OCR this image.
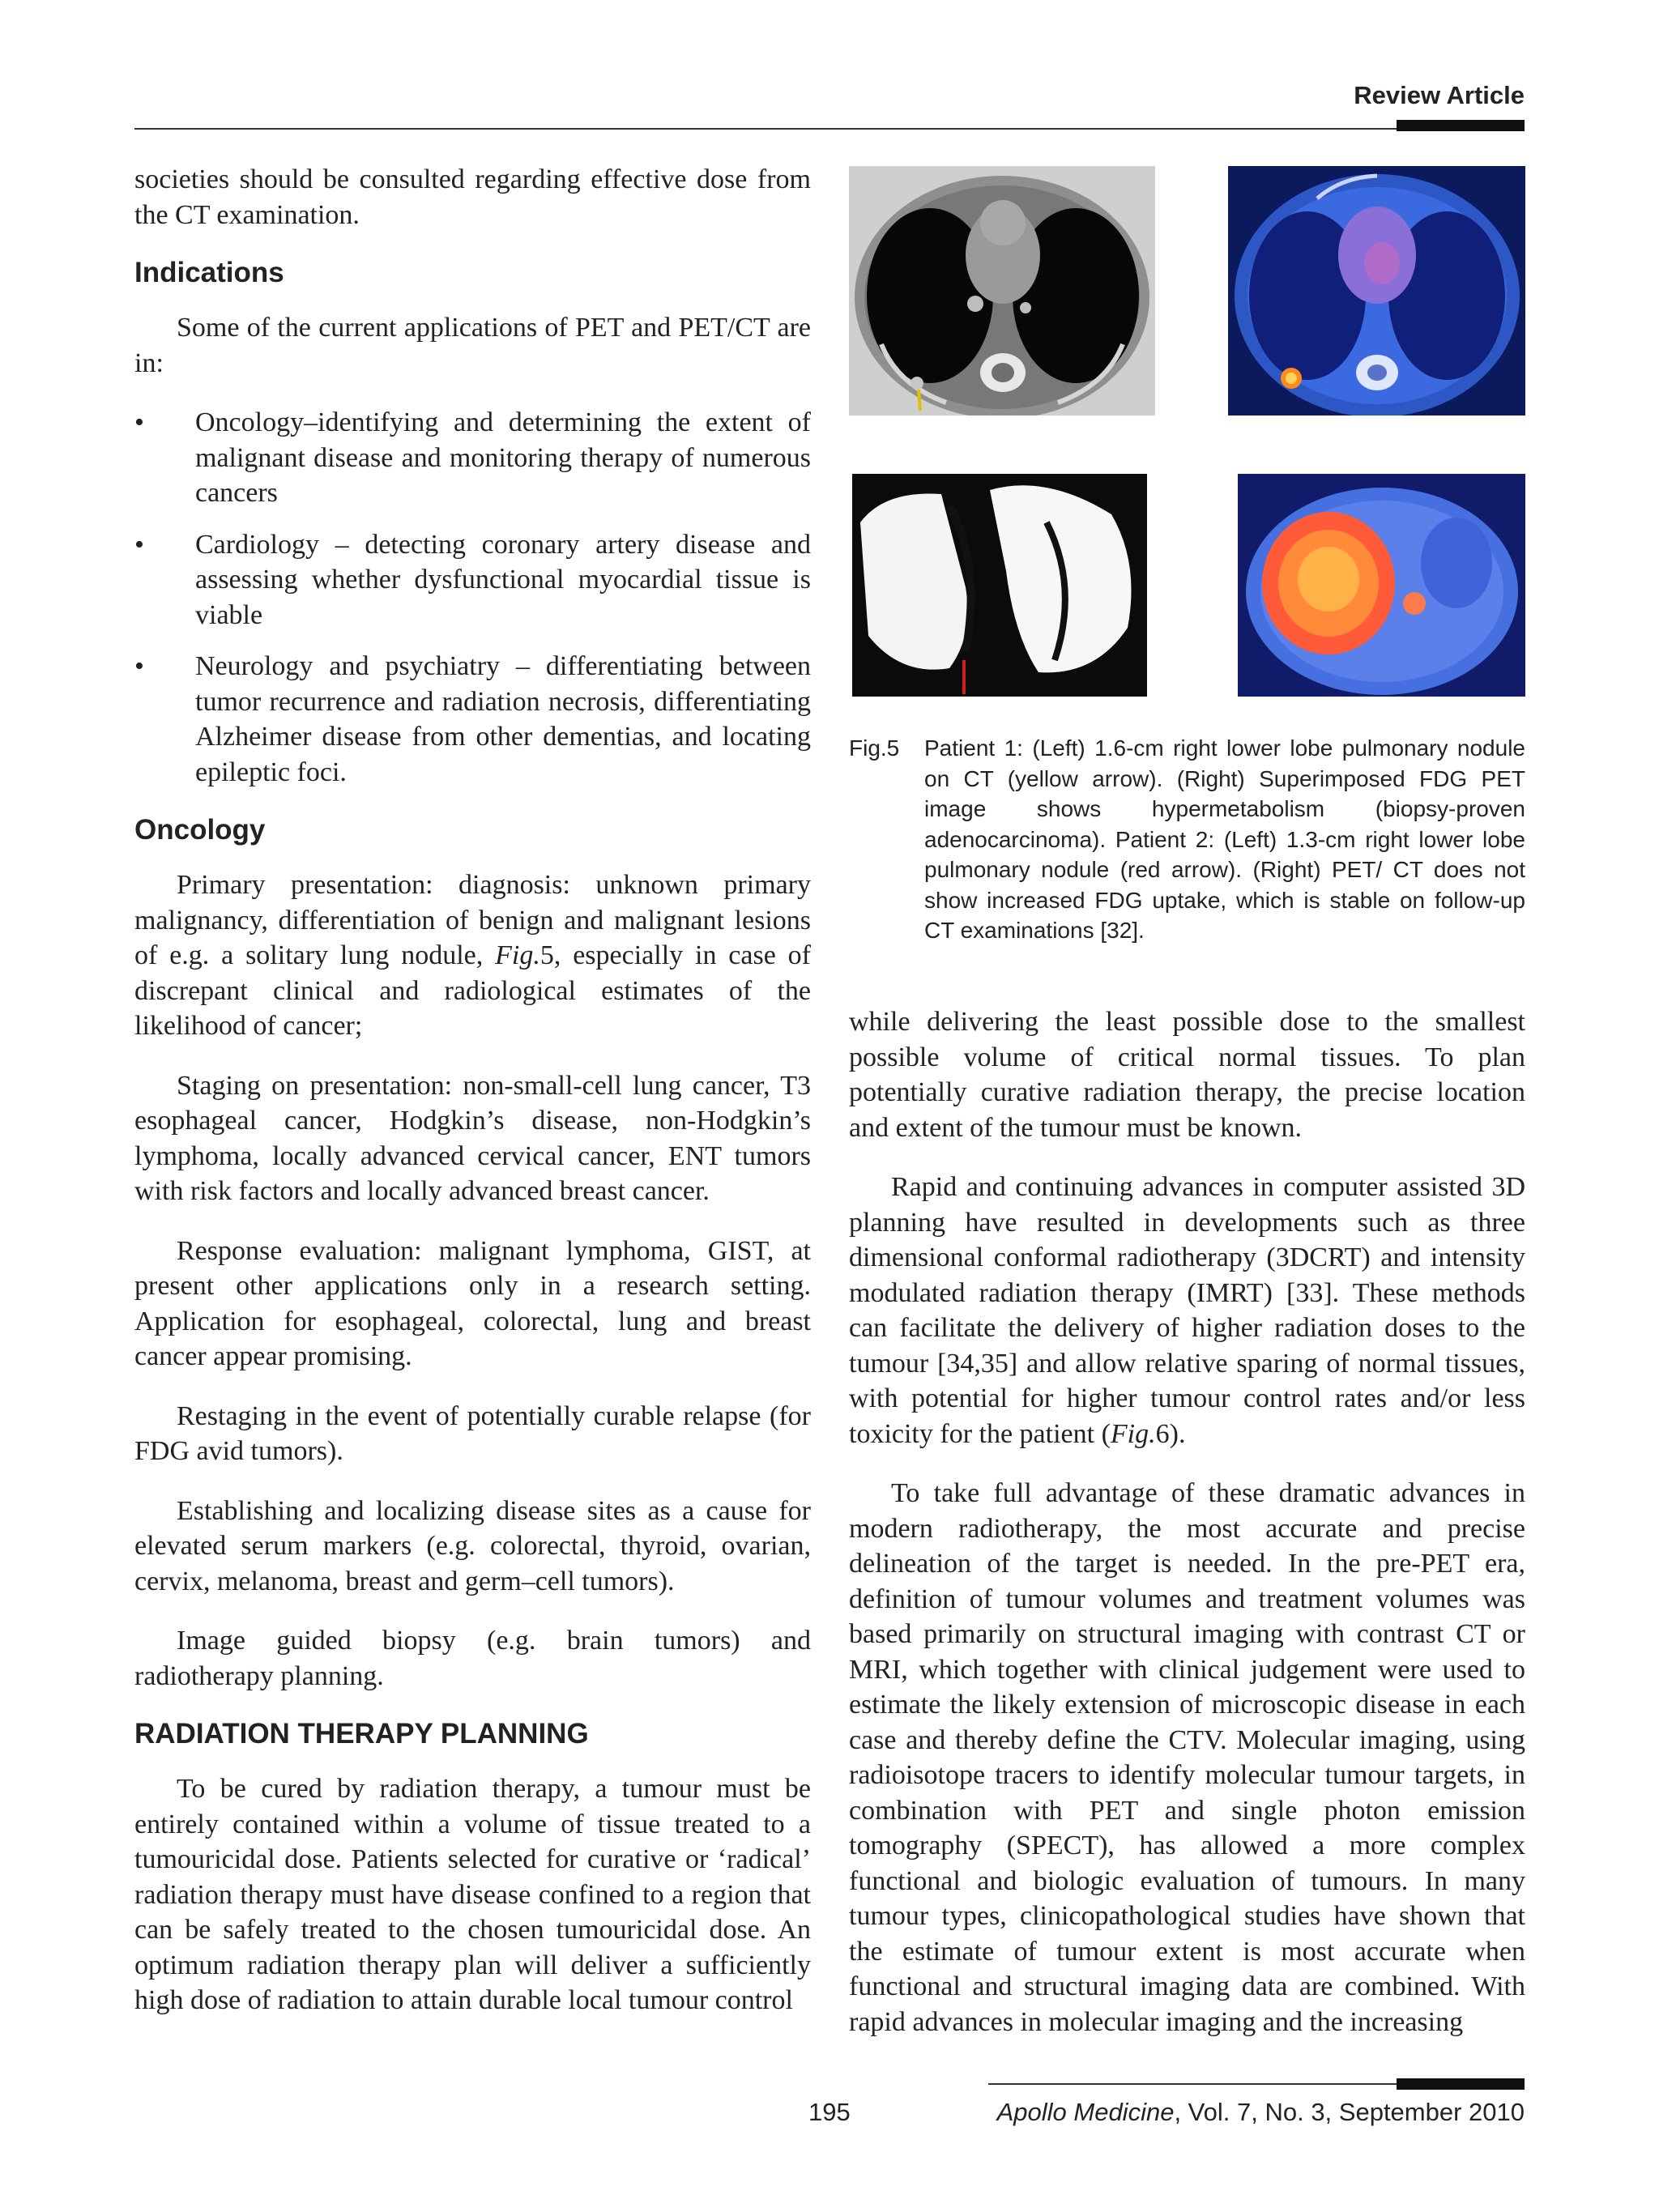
Review Article

societies should be consulted regarding effective dose from the CT examination.

Indications

Some of the current applications of PET and PET/CT are in:

• Oncology–identifying and determining the extent of malignant disease and monitoring therapy of numerous cancers
• Cardiology – detecting coronary artery disease and assessing whether dysfunctional myocardial tissue is viable
• Neurology and psychiatry – differentiating between tumor recurrence and radiation necrosis, differentiating Alzheimer disease from other dementias, and locating epileptic foci.
Oncology

Primary presentation: diagnosis: unknown primary malignancy, differentiation of benign and malignant lesions of e.g. a solitary lung nodule, Fig.5, especially in case of discrepant clinical and radiological estimates of the likelihood of cancer;

Staging on presentation: non-small-cell lung cancer, T3 esophageal cancer, Hodgkin’s disease, non-Hodgkin’s lymphoma, locally advanced cervical cancer, ENT tumors with risk factors and locally advanced breast cancer.

Response evaluation: malignant lymphoma, GIST, at present other applications only in a research setting. Application for esophageal, colorectal, lung and breast cancer appear promising.

Restaging in the event of potentially curable relapse (for FDG avid tumors).

Establishing and localizing disease sites as a cause for elevated serum markers (e.g. colorectal, thyroid, ovarian, cervix, melanoma, breast and germ–cell tumors).

Image guided biopsy (e.g. brain tumors) and radiotherapy planning.

RADIATION THERAPY PLANNING

To be cured by radiation therapy, a tumour must be entirely contained within a volume of tissue treated to a tumouricidal dose. Patients selected for curative or ‘radical’ radiation therapy must have disease confined to a region that can be safely treated to the chosen tumouricidal dose. An optimum radiation therapy plan will deliver a sufficiently high dose of radiation to attain durable local tumour control

Fig.5 Patient 1: (Left) 1.6-cm right lower lobe pulmonary nodule on CT (yellow arrow). (Right) Superimposed FDG PET image shows hypermetabolism (biopsy-proven adenocarcinoma). Patient 2: (Left) 1.3-cm right lower lobe pulmonary nodule (red arrow). (Right) PET/ CT does not show increased FDG uptake, which is stable on follow-up CT examinations [32].

while delivering the least possible dose to the smallest possible volume of critical normal tissues. To plan potentially curative radiation therapy, the precise location and extent of the tumour must be known.

Rapid and continuing advances in computer assisted 3D planning have resulted in developments such as three dimensional conformal radiotherapy (3DCRT) and intensity modulated radiation therapy (IMRT) [33]. These methods can facilitate the delivery of higher radiation doses to the tumour [34,35] and allow relative sparing of normal tissues, with potential for higher tumour control rates and/or less toxicity for the patient (Fig.6).

To take full advantage of these dramatic advances in modern radiotherapy, the most accurate and precise delineation of the target is needed. In the pre-PET era, definition of tumour volumes and treatment volumes was based primarily on structural imaging with contrast CT or MRI, which together with clinical judgement were used to estimate the likely extension of microscopic disease in each case and thereby define the CTV. Molecular imaging, using radioisotope tracers to identify molecular tumour targets, in combination with PET and single photon emission tomography (SPECT), has allowed a more complex functional and biologic evaluation of tumours. In many tumour types, clinicopathological studies have shown that the estimate of tumour extent is most accurate when functional and structural imaging data are combined. With rapid advances in molecular imaging and the increasing

195	Apollo Medicine, Vol. 7, No. 3, September 2010
